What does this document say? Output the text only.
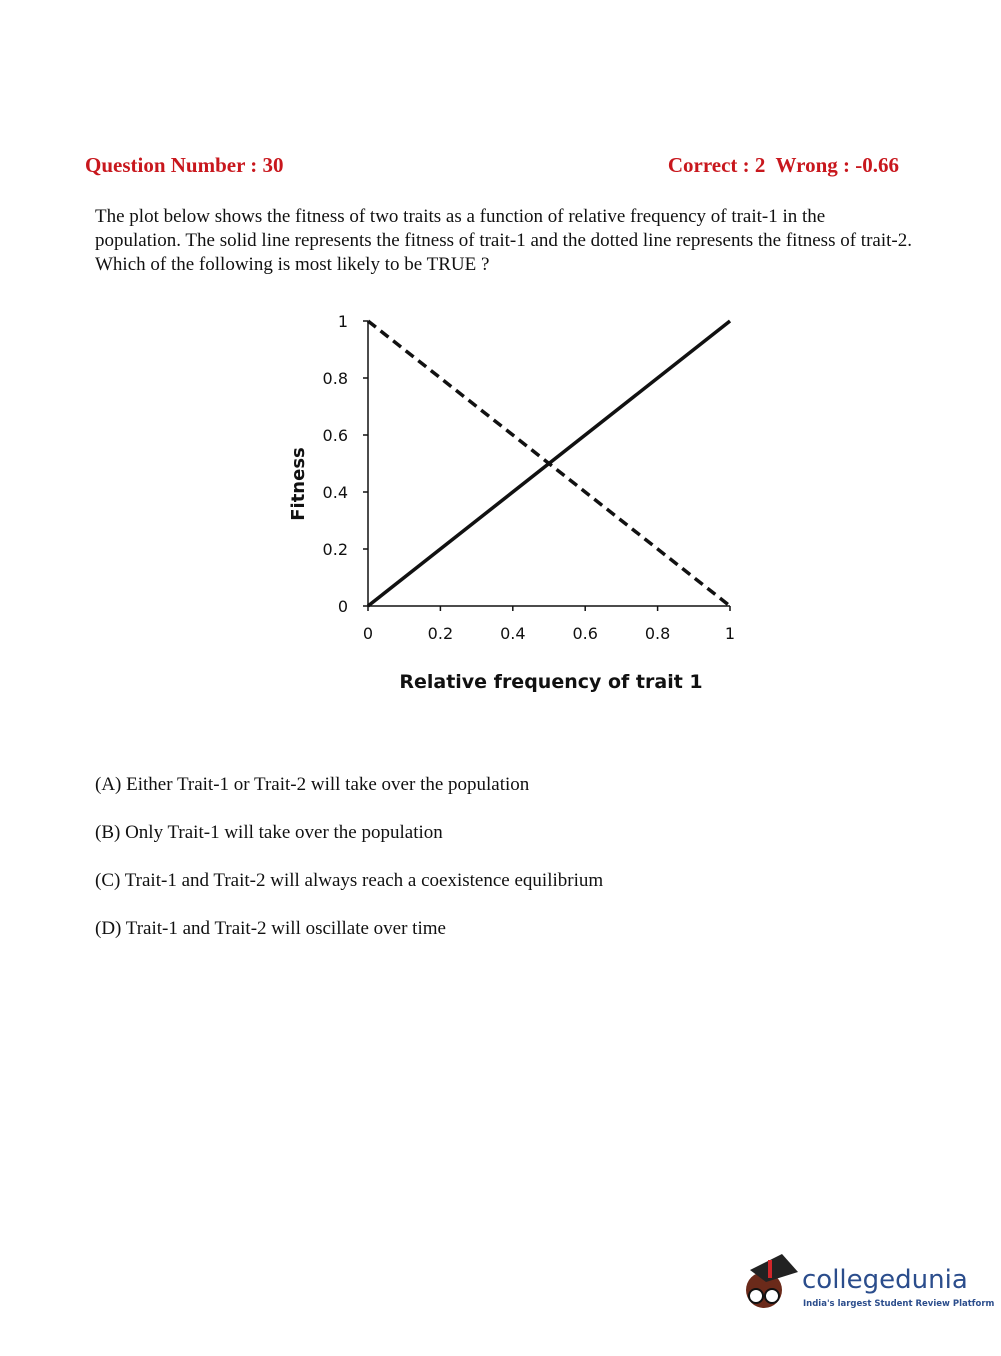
Question Number : 30	Correct : 2  Wrong : -0.66
The plot below shows the fitness of two traits as a function of relative frequency of trait-1 in the population. The solid line represents the fitness of trait-1 and the dotted line represents the fitness of trait-2. Which of the following is most likely to be TRUE ?
0
0.2
0.4
0.6
0.8
1
0	0.2	0.4	0.6	0.8	1
Relative frequency of trait 1
Fitness
(A) Either Trait-1 or Trait-2 will take over the population
(B) Only Trait-1 will take over the population
(C) Trait-1 and Trait-2 will always reach a coexistence equilibrium
(D) Trait-1 and Trait-2 will oscillate over time
collegedunia
India's largest Student Review Platform
